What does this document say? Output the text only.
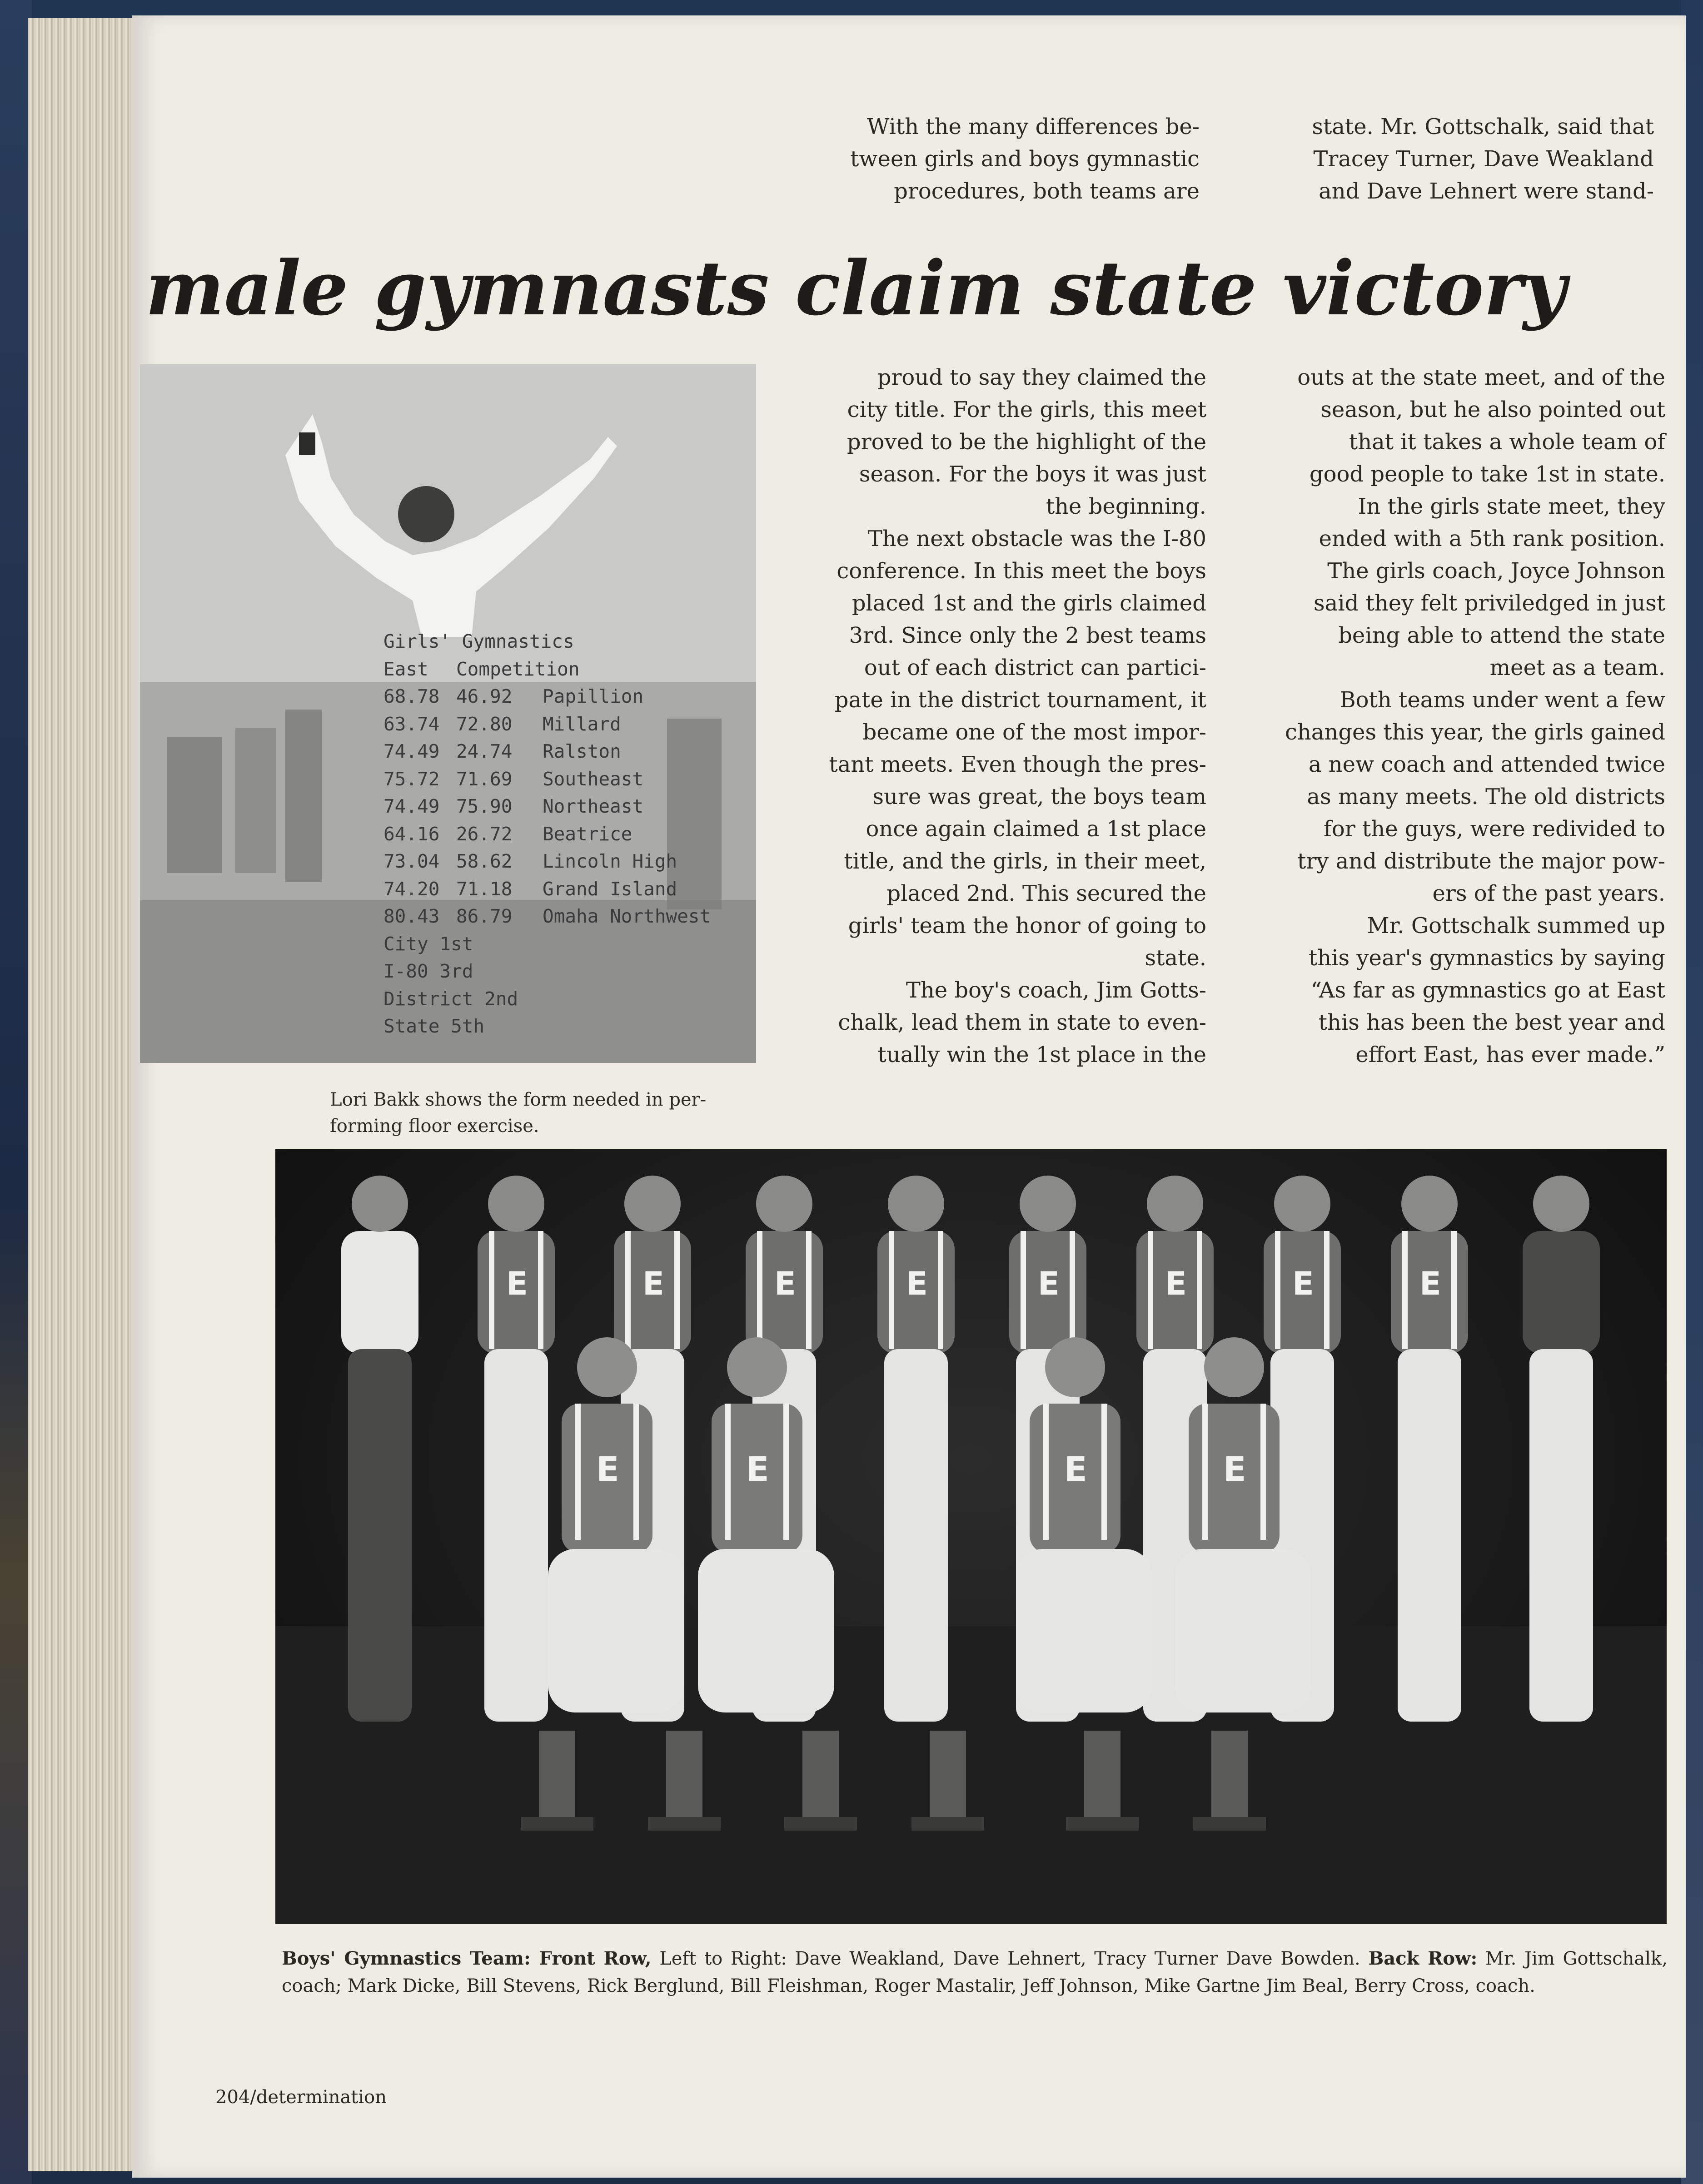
With the many differences be-

tween girls and boys gymnastic

procedures, both teams are

state. Mr. Gottschalk, said that

Tracey Turner, Dave Weakland

and Dave Lehnert were stand-

male gymnasts claim state victory
Girls' Gymnastics
East Competition
68.78 46.92 Papillion
63.74 72.80 Millard
74.49 24.74 Ralston
75.72 71.69 Southeast
74.49 75.90 Northeast
64.16 26.72 Beatrice
73.04 58.62 Lincoln High
74.20 71.18 Grand Island
80.43 86.79 Omaha Northwest
City 1st
I-80 3rd
District 2nd
State 5th

Lori Bakk shows the form needed in per- forming floor exercise.

proud to say they claimed the

city title. For the girls, this meet

proved to be the highlight of the

season. For the boys it was just

the beginning.

The next obstacle was the I-80

conference. In this meet the boys

placed 1st and the girls claimed

3rd. Since only the 2 best teams

out of each district can partici-

pate in the district tournament, it

became one of the most impor-

tant meets. Even though the pres-

sure was great, the boys team

once again claimed a 1st place

title, and the girls, in their meet,

placed 2nd. This secured the

girls' team the honor of going to

state.

The boy's coach, Jim Gotts-

chalk, lead them in state to even-

tually win the 1st place in the

outs at the state meet, and of the

season, but he also pointed out

that it takes a whole team of

good people to take 1st in state.

In the girls state meet, they

ended with a 5th rank position.

The girls coach, Joyce Johnson

said they felt priviledged in just

being able to attend the state

meet as a team.

Both teams under went a few

changes this year, the girls gained

a new coach and attended twice

as many meets. The old districts

for the guys, were redivided to

try and distribute the major pow-

ers of the past years.

Mr. Gottschalk summed up

this year's gymnastics by saying

“As far as gymnastics go at East

this has been the best year and

effort East, has ever made.”

E	E	E	E	E	E	E	E
E	E	E	E

Boys' Gymnastics Team: Front Row, Left to Right: Dave Weakland, Dave Lehnert, Tracy Turner Dave Bowden. Back Row: Mr. Jim Gottschalk, coach; Mark Dicke, Bill Stevens, Rick Berglund, Bill Fleishman, Roger Mastalir, Jeff Johnson, Mike Gartne Jim Beal, Berry Cross, coach.

204/determination
